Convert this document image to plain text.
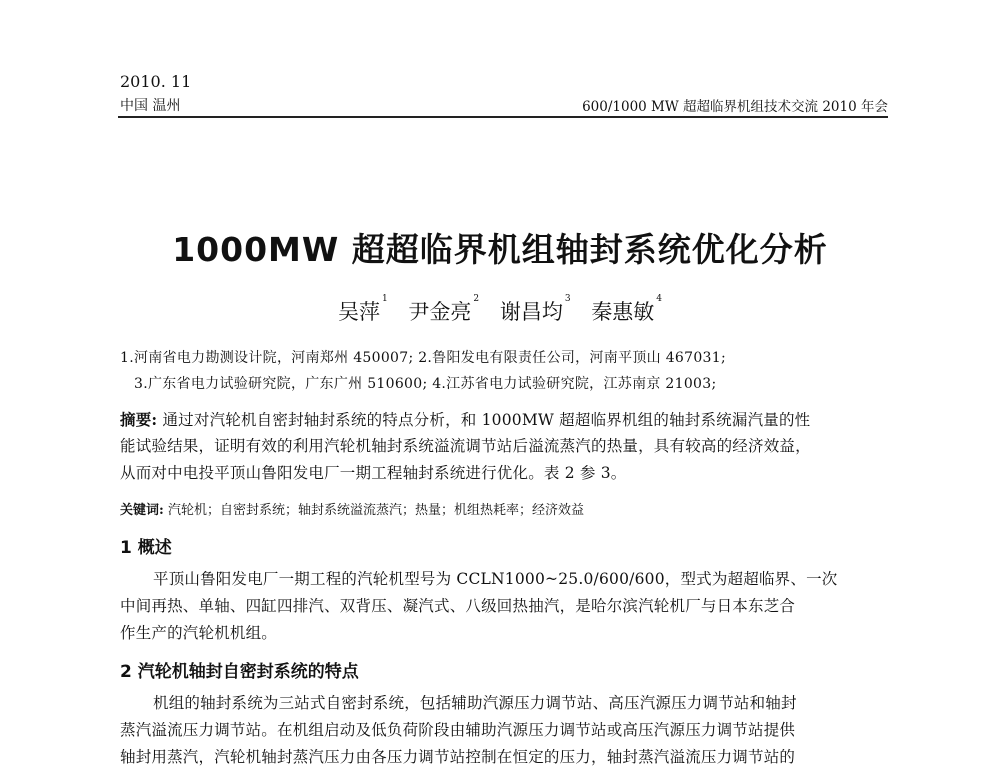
2010. 11
中国 温州	600/1000 MW 超超临界机组技术交流 2010 年会
1000MW 超超临界机组轴封系统优化分析
吴萍$^1$ 尹金亮$^2$ 谢昌均$^3$ 秦惠敏$^4$
1.河南省电力勘测设计院，河南郑州 450007; 2.鲁阳发电有限责任公司，河南平顶山 467031;
3.广东省电力试验研究院，广东广州 510600; 4.江苏省电力试验研究院，江苏南京 21003;
摘要: 通过对汽轮机自密封轴封系统的特点分析，和 1000MW 超超临界机组的轴封系统漏汽量的性
能试验结果，证明有效的利用汽轮机轴封系统溢流调节站后溢流蒸汽的热量，具有较高的经济效益，
从而对中电投平顶山鲁阳发电厂一期工程轴封系统进行优化。表 2 参 3。
关键词: 汽轮机；自密封系统；轴封系统溢流蒸汽；热量；机组热耗率；经济效益
1 概述
平顶山鲁阳发电厂一期工程的汽轮机型号为 CCLN1000~25.0/600/600，型式为超超临界、一次
中间再热、单轴、四缸四排汽、双背压、凝汽式、八级回热抽汽，是哈尔滨汽轮机厂与日本东芝合
作生产的汽轮机机组。
2 汽轮机轴封自密封系统的特点
机组的轴封系统为三站式自密封系统，包括辅助汽源压力调节站、高压汽源压力调节站和轴封
蒸汽溢流压力调节站。在机组启动及低负荷阶段由辅助汽源压力调节站或高压汽源压力调节站提供
轴封用蒸汽，汽轮机轴封蒸汽压力由各压力调节站控制在恒定的压力，轴封蒸汽溢流压力调节站的
